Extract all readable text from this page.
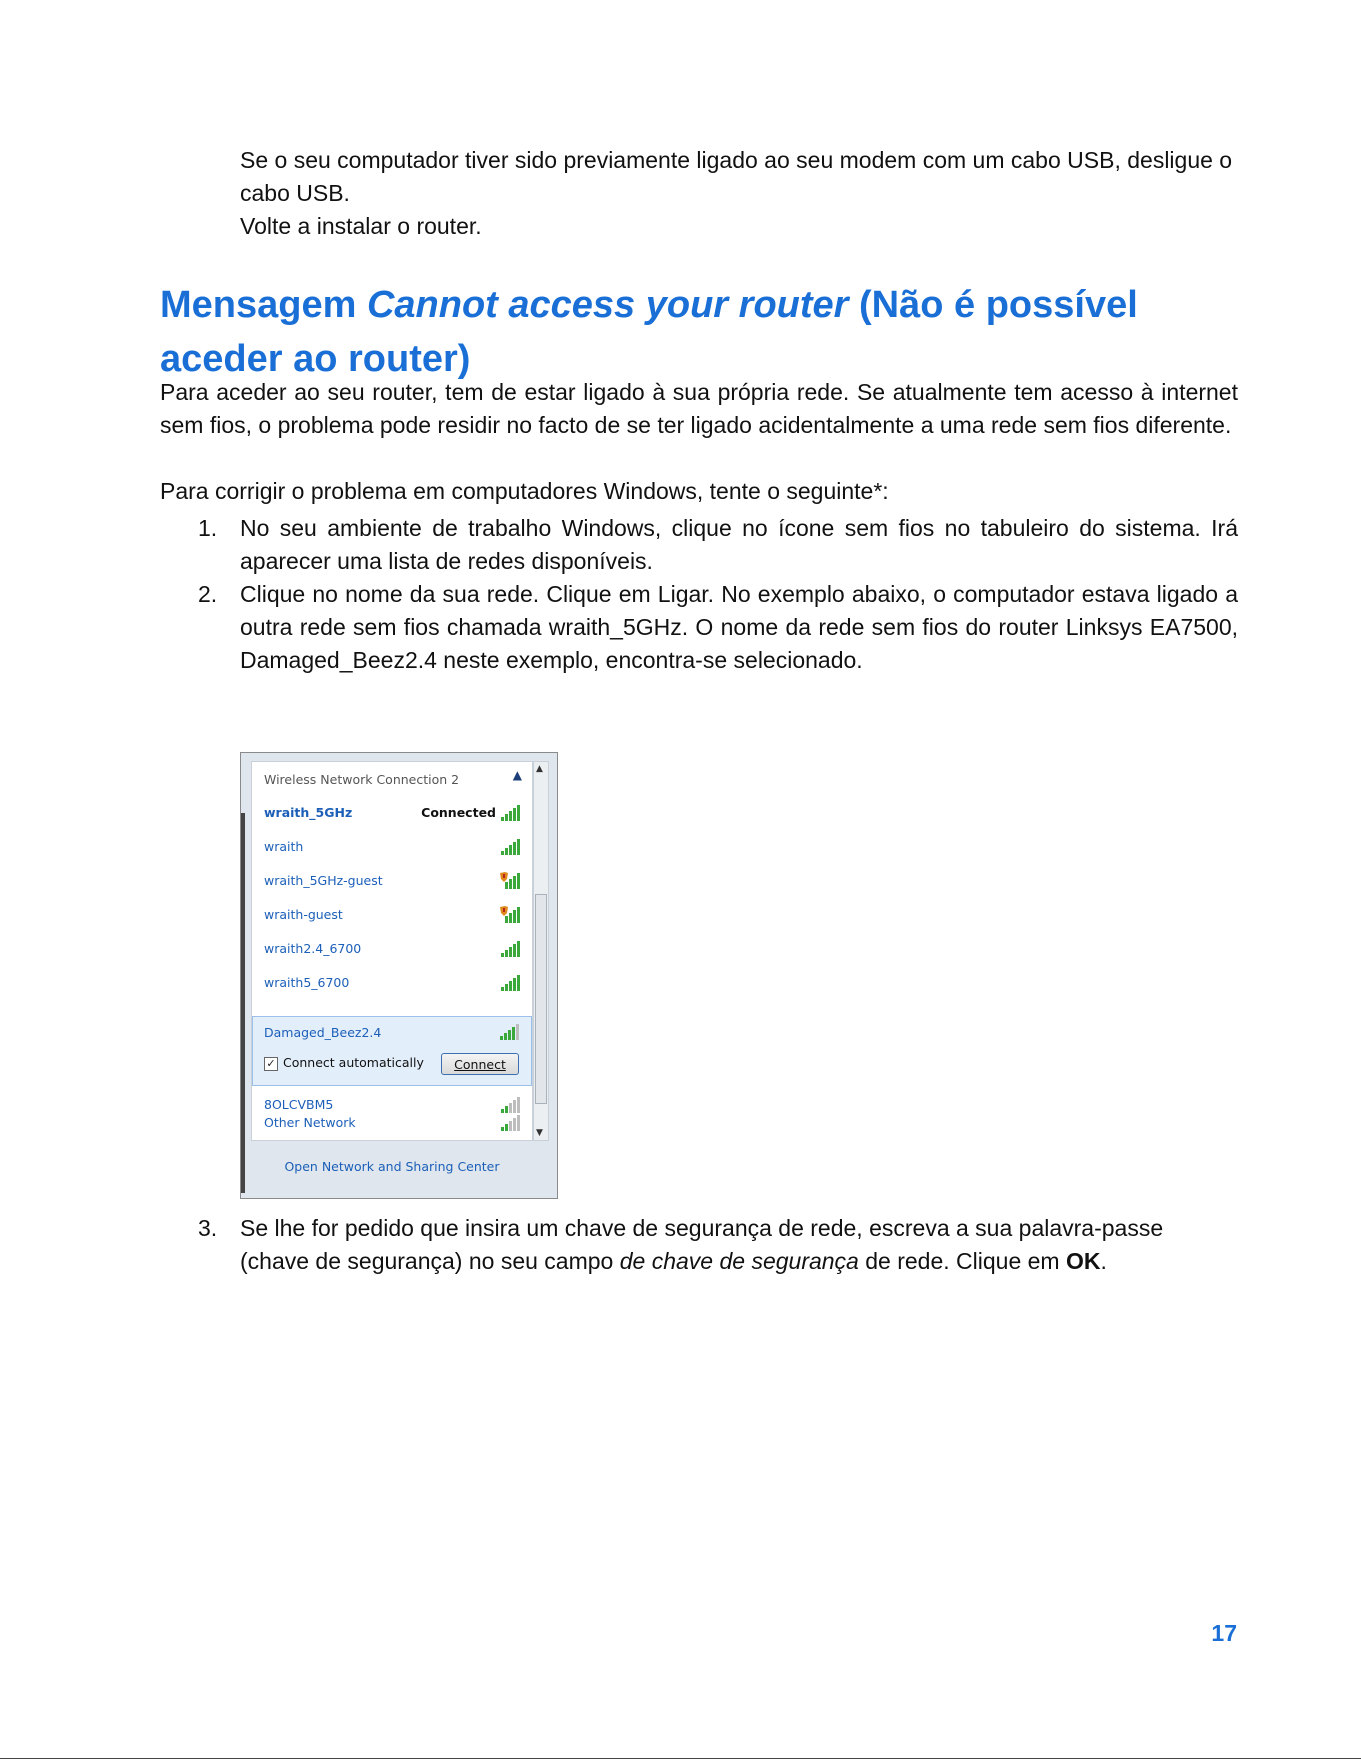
Se o seu computador tiver sido previamente ligado ao seu modem com um cabo USB, desligue o cabo USB.

Volte a instalar o router.

Mensagem Cannot access your router (Não é possível aceder ao router)

Para aceder ao seu router, tem de estar ligado à sua própria rede. Se atualmente tem acesso à internet sem fios, o problema pode residir no facto de se ter ligado acidentalmente a uma rede sem fios diferente.

Para corrigir o problema em computadores Windows, tente o seguinte*:

1. No seu ambiente de trabalho Windows, clique no ícone sem fios no tabuleiro do sistema. Irá aparecer uma lista de redes disponíveis.

2. Clique no nome da sua rede. Clique em Ligar. No exemplo abaixo, o computador estava ligado a outra rede sem fios chamada wraith_5GHz. O nome da rede sem fios do router Linksys EA7500, Damaged_Beez2.4 neste exemplo, encontra-se selecionado.

Wireless Network Connection 2	▲
wraith_5GHz	Connected
wraith
wraith_5GHz-guest
wraith-guest
wraith2.4_6700
wraith5_6700
Damaged_Beez2.4
✓ Connect automatically	Connect
8OLCVBM5
Other Network
▲
▼
Open Network and Sharing Center
3. Se lhe for pedido que insira um chave de segurança de rede, escreva a sua palavra-passe (chave de segurança) no seu campo de chave de segurança de rede. Clique em OK.

17
